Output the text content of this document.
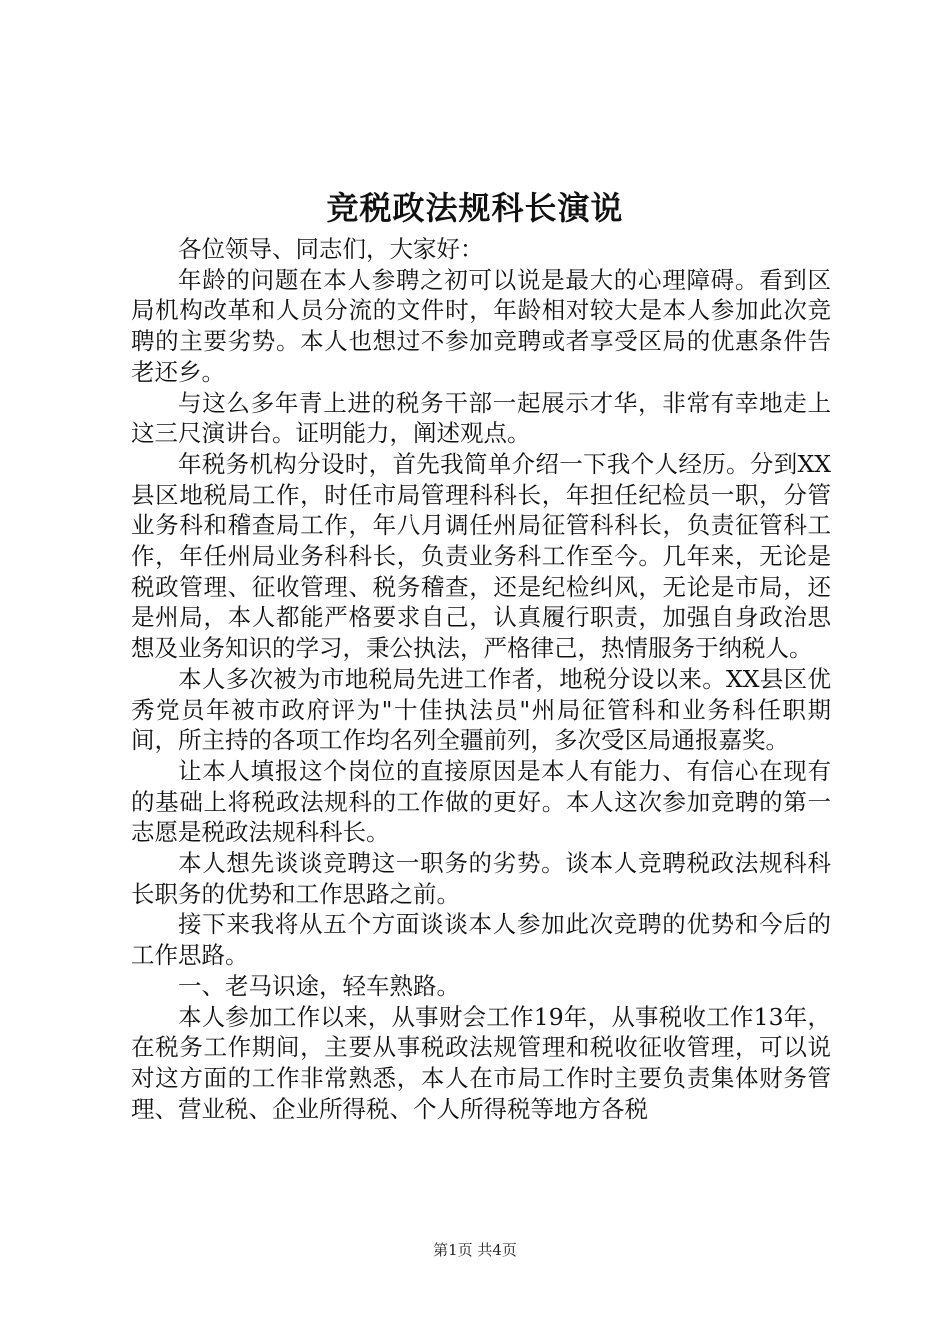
竞税政法规科长演说

各位领导、同志们，大家好：

年龄的问题在本人参聘之初可以说是最大的心理障碍。看到区局机构改革和人员分流的文件时，年龄相对较大是本人参加此次竞聘的主要劣势。本人也想过不参加竞聘或者享受区局的优惠条件告老还乡。

与这么多年青上进的税务干部一起展示才华，非常有幸地走上这三尺演讲台。证明能力，阐述观点。

年税务机构分设时，首先我简单介绍一下我个人经历。分到XX县区地税局工作，时任市局管理科科长，年担任纪检员一职，分管业务科和稽查局工作，年八月调任州局征管科科长，负责征管科工作，年任州局业务科科长，负责业务科工作至今。几年来，无论是税政管理、征收管理、税务稽查，还是纪检纠风，无论是市局，还是州局，本人都能严格要求自己，认真履行职责，加强自身政治思想及业务知识的学习，秉公执法，严格律己，热情服务于纳税人。

本人多次被为市地税局先进工作者，地税分设以来。XX县区优秀党员年被市政府评为"十佳执法员"州局征管科和业务科任职期间，所主持的各项工作均名列全疆前列，多次受区局通报嘉奖。

让本人填报这个岗位的直接原因是本人有能力、有信心在现有的基础上将税政法规科的工作做的更好。本人这次参加竞聘的第一志愿是税政法规科科长。

本人想先谈谈竞聘这一职务的劣势。谈本人竞聘税政法规科科长职务的优势和工作思路之前。

接下来我将从五个方面谈谈本人参加此次竞聘的优势和今后的工作思路。

一、老马识途，轻车熟路。

本人参加工作以来，从事财会工作19年，从事税收工作13年，在税务工作期间，主要从事税政法规管理和税收征收管理，可以说对这方面的工作非常熟悉，本人在市局工作时主要负责集体财务管理、营业税、企业所得税、个人所得税等地方各税

第1页 共4页
